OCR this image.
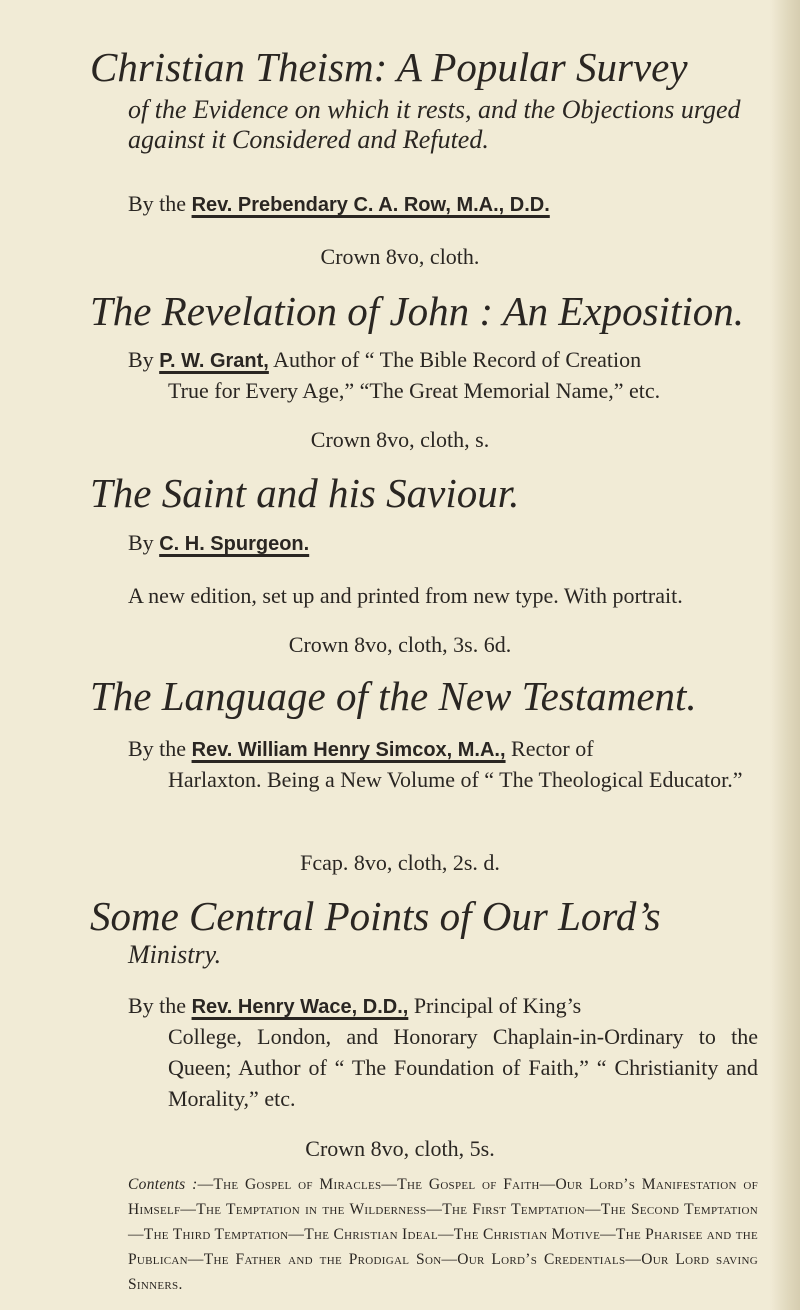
Christian Theism: A Popular Survey

of the Evidence on which it rests, and the Objections urged against it Considered and Refuted.

By the Rev. Prebendary C. A. Row, M.A., D.D.

Crown 8vo, cloth.

The Revelation of John : An Exposition.

By P. W. Grant, Author of “ The Bible Record of Creation

True for Every Age,” “The Great Memorial Name,” etc.

Crown 8vo, cloth, s.

The Saint and his Saviour.

By C. H. Spurgeon.

A new edition, set up and printed from new type. With portrait.

Crown 8vo, cloth, 3s. 6d.

The Language of the New Testament.

By the Rev. William Henry Simcox, M.A., Rector of

Harlaxton. Being a New Volume of “ The Theological Educator.”

Fcap. 8vo, cloth, 2s. d.

Some Central Points of Our Lord’s

Ministry.

By the Rev. Henry Wace, D.D., Principal of King’s

College, London, and Honorary Chaplain-in-Ordinary to the Queen; Author of “ The Foundation of Faith,” “ Christianity and Morality,” etc.

Crown 8vo, cloth, 5s.

Contents :—The Gospel of Miracles—The Gospel of Faith—Our Lord’s Manifestation of Himself—The Temptation in the Wilderness—The First Temptation—The Second Temptation—The Third Temptation—The Christian Ideal—The Christian Motive—The Pharisee and the Publican—The Father and the Prodigal Son—Our Lord’s Credentials—Our Lord saving Sinners.
